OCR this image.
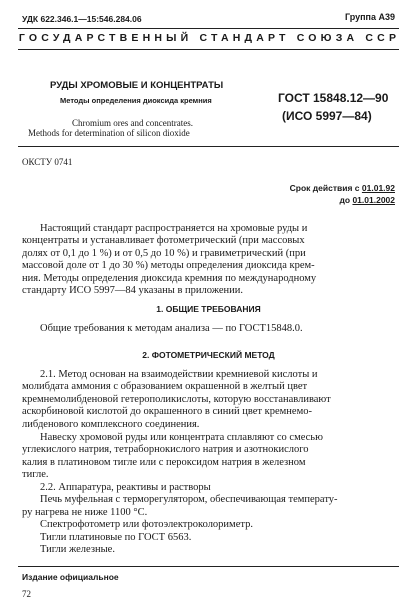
УДК 622.346.1—15:546.284.06	Группа А39
ГОСУДАРСТВЕННЫЙ СТАНДАРТ СОЮЗА ССР
РУДЫ ХРОМОВЫЕ И КОНЦЕНТРАТЫ
Методы определения диоксида кремния
Chromium ores and concentrates.
Methods for determination of silicon dioxide
ГОСТ 15848.12—90
(ИСО 5997—84)
ОКСТУ 0741
Срок действия с 01.01.92
до 01.01.2002
Настоящий стандарт распространяется на хромовые руды и
концентраты и устанавливает фотометрический (при массовых
долях от 0,1 до 1 %) и от 0,5 до 10 %) и гравиметрический (при
массовой доле от 1 до 30 %) методы определения диоксида крем-
ния. Методы определения диоксида кремния по международному
стандарту ИСО 5997—84 указаны в приложении.
1. ОБЩИЕ ТРЕБОВАНИЯ
Общие требования к методам анализа — по ГОСТ15848.0.
2. ФОТОМЕТРИЧЕСКИЙ МЕТОД
2.1. Метод основан на взаимодействии кремниевой кислоты и
молибдата аммония с образованием окрашенной в желтый цвет
кремнемолибденовой гетерополикислоты, которую восстанавливают
аскорбиновой кислотой до окрашенного в синий цвет кремнемо-
либденового комплексного соединения.
Навеску хромовой руды или концентрата сплавляют со смесью
углекислого натрия, тетраборнокислого натрия и азотнокислого
калия в платиновом тигле или с пероксидом натрия в железном
тигле.
2.2. Аппаратура, реактивы и растворы
Печь муфельная с терморегулятором, обеспечивающая температу-
ру нагрева не ниже 1100 °С.
Спектрофотометр или фотоэлектроколориметр.
Тигли платиновые по ГОСТ 6563.
Тигли железные.
Издание официальное
72
